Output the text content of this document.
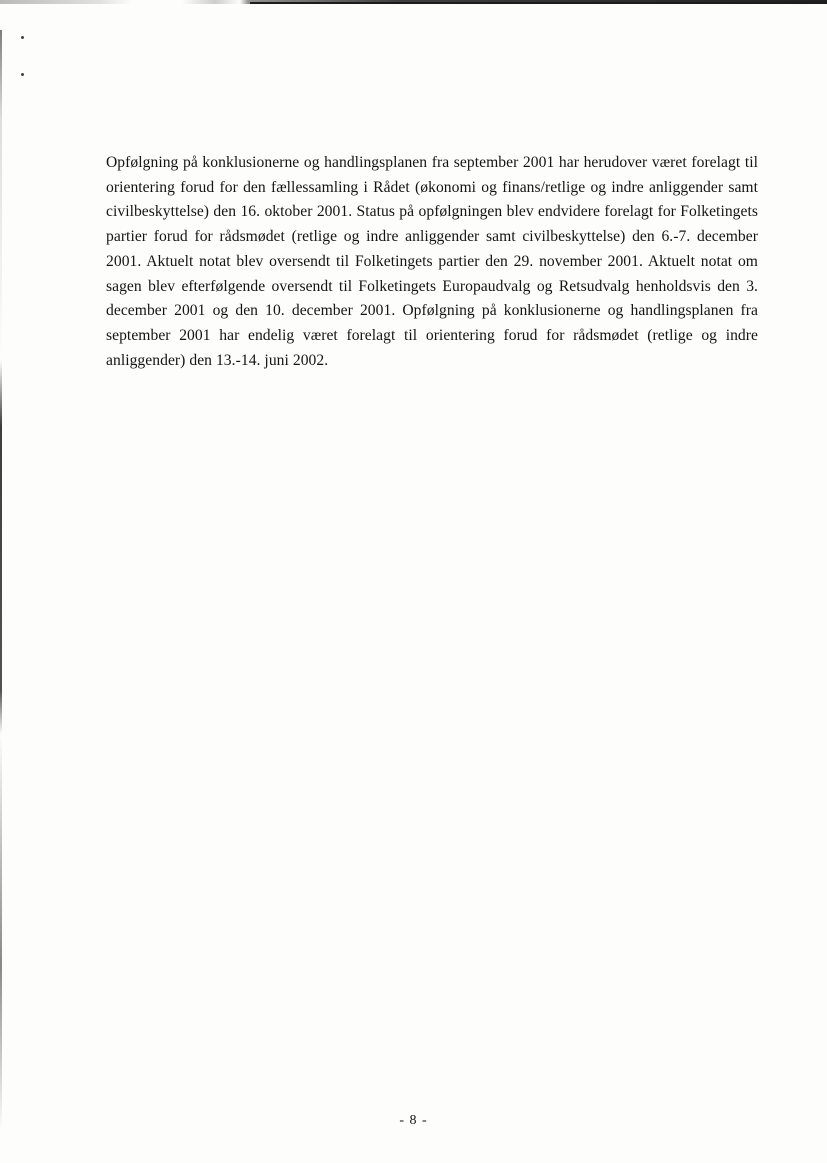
Opfølgning på konklusionerne og handlingsplanen fra september 2001 har herudover været forelagt til orientering forud for den fællessamling i Rådet (økonomi og finans/retlige og indre anliggender samt civilbeskyttelse) den 16. oktober 2001. Status på opfølgningen blev endvidere forelagt for Folketingets partier forud for rådsmødet (retlige og indre anliggender samt civilbeskyttelse) den 6.-7. december 2001. Aktuelt notat blev oversendt til Folketingets partier den 29. november 2001. Aktuelt notat om sagen blev efterfølgende oversendt til Folketingets Europaudvalg og Retsudvalg henholdsvis den 3. december 2001 og den 10. december 2001. Opfølgning på konklusionerne og handlingsplanen fra september 2001 har endelig været forelagt til orientering forud for rådsmødet (retlige og indre anliggender) den 13.-14. juni 2002.

- 8 -
